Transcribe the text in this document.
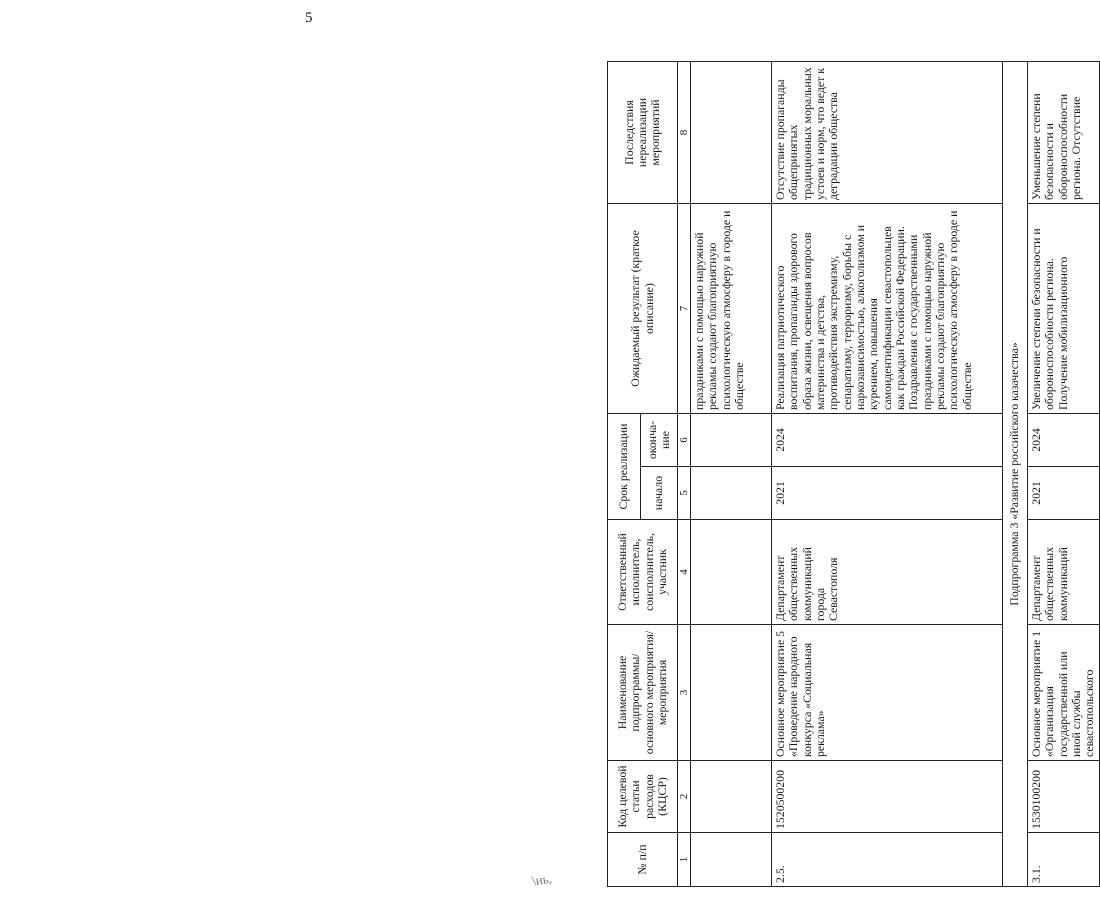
5
№ п/п	Код целевой статьи расходов (КЦСР)	Наименование подпрограммы/ основного мероприятия/ мероприятия	Ответственный исполнитель, соисполнитель, участник	Срок реализации		Ожидаемый результат (краткое описание)	Последствия нереализации мероприятий
				начало	оконча-ние		
1	2	3	4	5	6	7	8
						праздниками с помощью наружной рекламы создают благоприятную психологическую атмосферу в городе и обществе	
2.5.	1520500200	Основное мероприятие 5 «Проведение народного конкурса «Социальная реклама»	Департамент общественных коммуникаций города Севастополя	2021	2024	Реализация патриотического воспитания, пропаганды здорового образа жизни, освещения вопросов материнства и детства, противодействия экстремизму, сепаратизму, терроризму, борьбы с наркозависимостью, алкоголизмом и курением, повышения самоидентификации севастопольцев как граждан Российской Федерации. Поздравления с государственными праздниками с помощью наружной рекламы создают благоприятную психологическую атмосферу в городе и обществе	Отсутствие пропаганды общепринятых традиционных моральных устоев и норм, что ведет к деградации общества
Подпрограмма 3 «Развитие российского казачества»							
3.1.	1530100200	Основное мероприятие 1 «Организация государственной или иной службы севастопольского	Департамент общественных коммуникаций	2021	2024	Увеличение степени безопасности и обороноспособности региона. Получение мобилизационного	Уменьшение степени безопасности и обороноспособности региона. Отсутствие
\иь,
